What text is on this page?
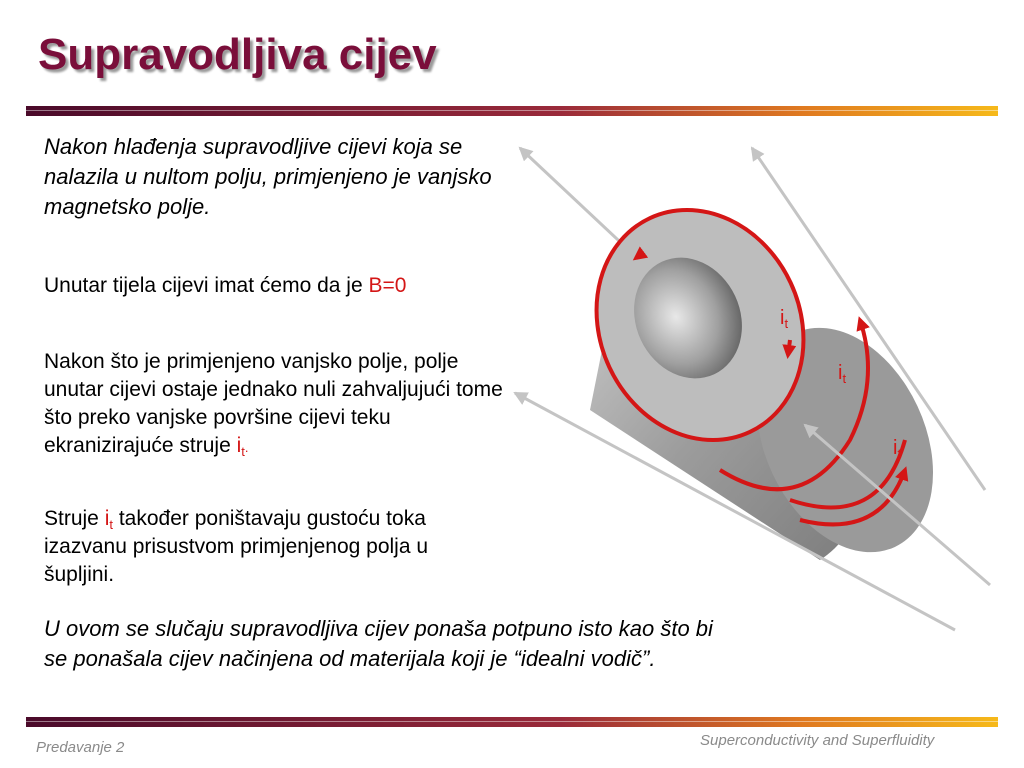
Supravodljiva cijev
$i_t$
$i_t$
$i_t$

Nakon hlađenja supravodljive cijevi koja se nalazila u nultom polju, primjenjeno je vanjsko magnetsko polje.

Unutar tijela cijevi imat ćemo da je B=0

Nakon što je primjenjeno vanjsko polje, polje unutar cijevi ostaje jednako nuli zahvaljujući tome što preko vanjske površine cijevi teku ekranizirajuće struje $i_t$.

Struje $i_t$ također poništavaju gustoću toka izazvanu prisustvom primjenjenog polja u šupljini.

U ovom se slučaju supravodljiva cijev ponaša potpuno isto kao što bi se ponašala cijev načinjena od materijala koji je “idealni vodič”.

Predavanje 2	Superconductivity and Superfluidity
